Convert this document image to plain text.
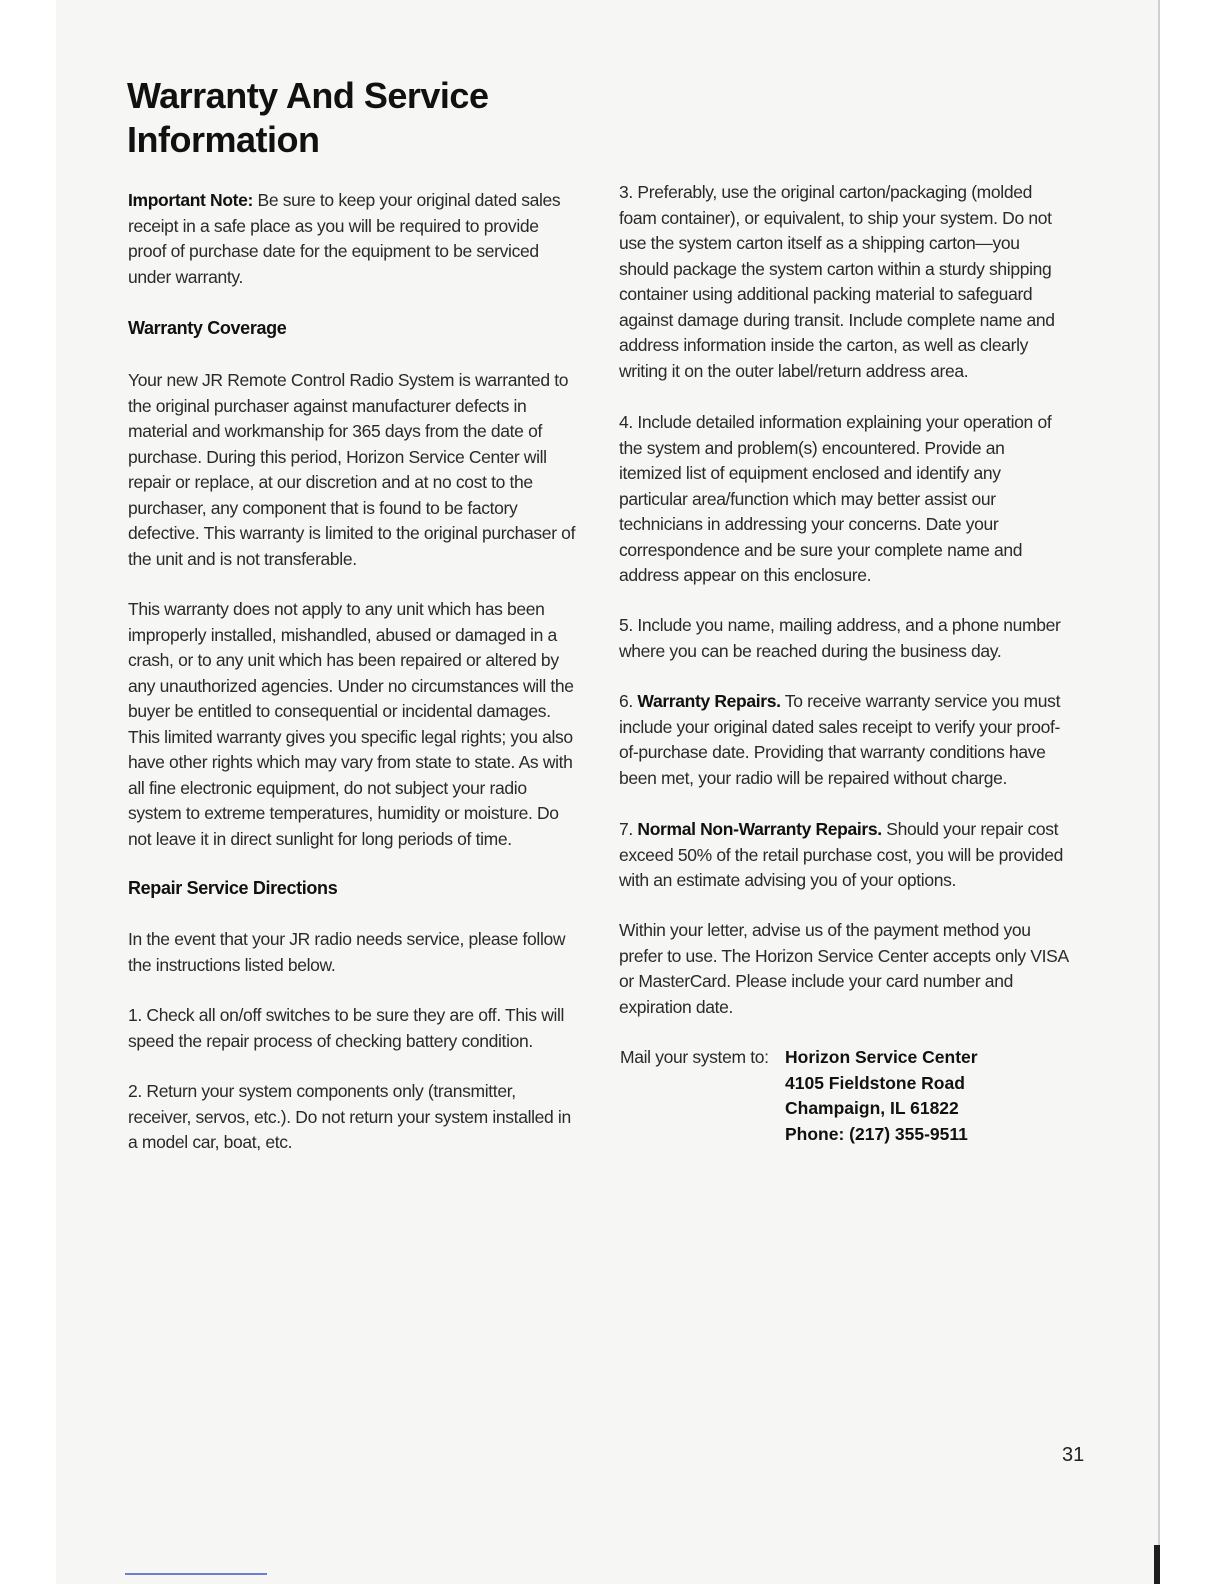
Warranty And Service
Information

Important Note: Be sure to keep your original dated sales receipt in a safe place as you will be required to provide proof of purchase date for the equipment to be serviced under warranty.

Warranty Coverage

Your new JR Remote Control Radio System is warranted to the original purchaser against manufacturer defects in material and workmanship for 365 days from the date of purchase. During this period, Horizon Service Center will repair or replace, at our discretion and at no cost to the purchaser, any component that is found to be factory defective. This warranty is limited to the original purchaser of the unit and is not transferable.

This warranty does not apply to any unit which has been improperly installed, mishandled, abused or damaged in a crash, or to any unit which has been repaired or altered by any unauthorized agencies. Under no circumstances will the buyer be entitled to consequential or incidental damages. This limited warranty gives you specific legal rights; you also have other rights which may vary from state to state. As with all fine electronic equipment, do not subject your radio system to extreme temperatures, humidity or moisture. Do not leave it in direct sunlight for long periods of time.

Repair Service Directions

In the event that your JR radio needs service, please follow the instructions listed below.

1. Check all on/off switches to be sure they are off. This will speed the repair process of checking battery condition.

2. Return your system components only (transmitter, receiver, servos, etc.). Do not return your system installed in a model car, boat, etc.

3. Preferably, use the original carton/packaging (molded foam container), or equivalent, to ship your system. Do not use the system carton itself as a shipping carton—you should package the system carton within a sturdy shipping container using additional packing material to safeguard against damage during transit. Include complete name and address information inside the carton, as well as clearly writing it on the outer label/return address area.

4. Include detailed information explaining your operation of the system and problem(s) encountered. Provide an itemized list of equipment enclosed and identify any particular area/function which may better assist our technicians in addressing your concerns. Date your correspondence and be sure your complete name and address appear on this enclosure.

5. Include you name, mailing address, and a phone number where you can be reached during the business day.

6. Warranty Repairs. To receive warranty service you must include your original dated sales receipt to verify your proof-of-purchase date. Providing that warranty conditions have been met, your radio will be repaired without charge.

7. Normal Non-Warranty Repairs. Should your repair cost exceed 50% of the retail purchase cost, you will be provided with an estimate advising you of your options.

Within your letter, advise us of the payment method you prefer to use. The Horizon Service Center accepts only VISA or MasterCard. Please include your card number and expiration date.

Mail your system to: Horizon Service Center
4105 Fieldstone Road
Champaign, IL 61822
Phone: (217) 355-9511
31
